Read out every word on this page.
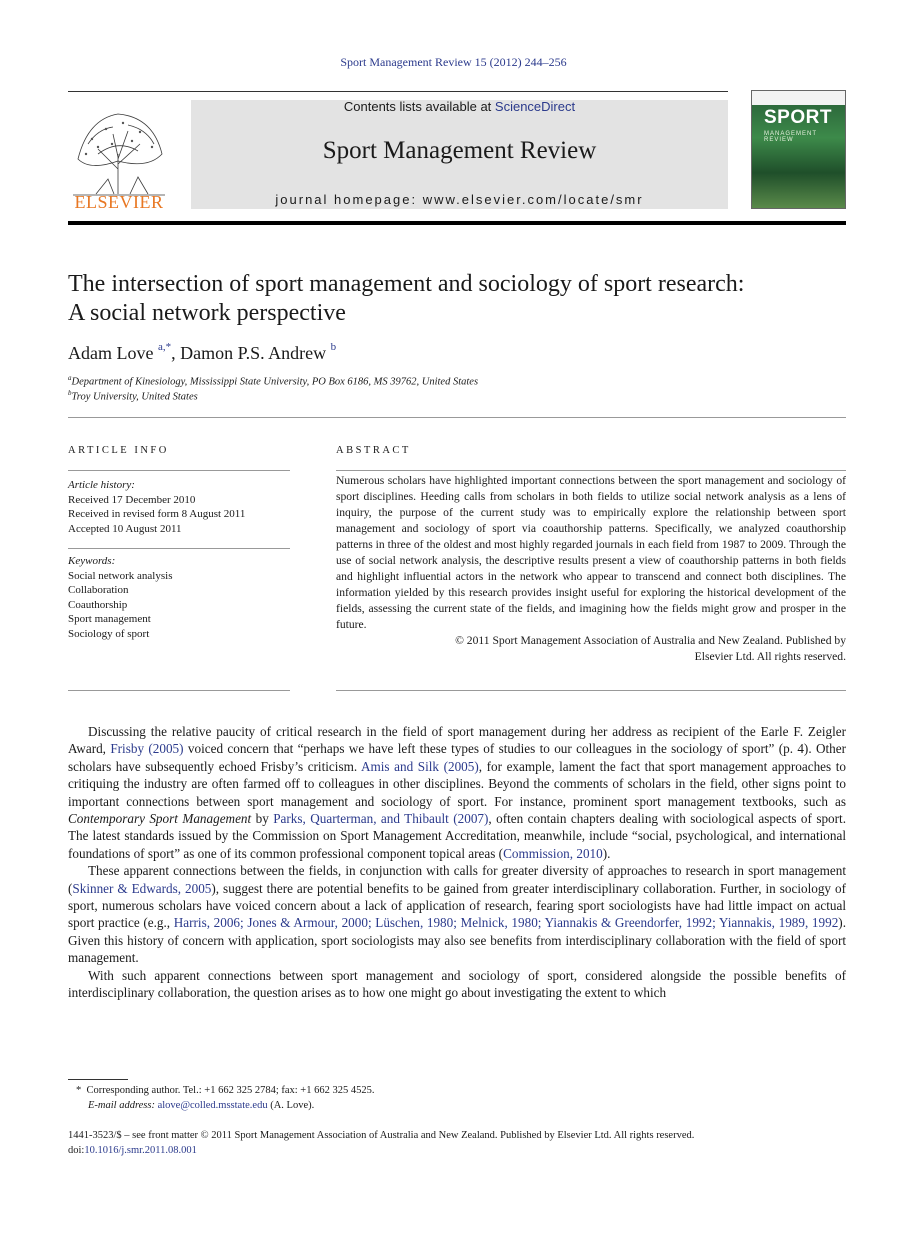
Sport Management Review 15 (2012) 244–256
ELSEVIER
Contents lists available at ScienceDirect
Sport Management Review
journal homepage: www.elsevier.com/locate/smr
SPORT
MANAGEMENT REVIEW
The intersection of sport management and sociology of sport research:
A social network perspective
Adam Love $^{a,*}$, Damon P.S. Andrew $^b$
$^a$Department of Kinesiology, Mississippi State University, PO Box 6186, MS 39762, United States
$^b$Troy University, United States
ARTICLE INFO
Article history:
Received 17 December 2010
Received in revised form 8 August 2011
Accepted 10 August 2011
Keywords:
Social network analysis
Collaboration
Coauthorship
Sport management
Sociology of sport
ABSTRACT
Numerous scholars have highlighted important connections between the sport management and sociology of sport disciplines. Heeding calls from scholars in both fields to utilize social network analysis as a lens of inquiry, the purpose of the current study was to empirically explore the relationship between sport management and sociology of sport via coauthorship patterns. Specifically, we analyzed coauthorship patterns in three of the oldest and most highly regarded journals in each field from 1987 to 2009. Through the use of social network analysis, the descriptive results present a view of coauthorship patterns in both fields and highlight influential actors in the network who appear to transcend and connect both disciplines. The information yielded by this research provides insight useful for exploring the historical development of the fields, assessing the current state of the fields, and imagining how the fields might grow and prosper in the future.
© 2011 Sport Management Association of Australia and New Zealand. Published by
Elsevier Ltd. All rights reserved.

Discussing the relative paucity of critical research in the field of sport management during her address as recipient of the Earle F. Zeigler Award, Frisby (2005) voiced concern that “perhaps we have left these types of studies to our colleagues in the sociology of sport” (p. 4). Other scholars have subsequently echoed Frisby’s criticism. Amis and Silk (2005), for example, lament the fact that sport management approaches to critiquing the industry are often farmed off to colleagues in other disciplines. Beyond the comments of scholars in the field, other signs point to important connections between sport management and sociology of sport. For instance, prominent sport management textbooks, such as Contemporary Sport Management by Parks, Quarterman, and Thibault (2007), often contain chapters dealing with sociological aspects of sport. The latest standards issued by the Commission on Sport Management Accreditation, meanwhile, include “social, psychological, and international foundations of sport” as one of its common professional component topical areas (Commission, 2010).

These apparent connections between the fields, in conjunction with calls for greater diversity of approaches to research in sport management (Skinner & Edwards, 2005), suggest there are potential benefits to be gained from greater interdisciplinary collaboration. Further, in sociology of sport, numerous scholars have voiced concern about a lack of application of research, fearing sport sociologists have had little impact on actual sport practice (e.g., Harris, 2006; Jones & Armour, 2000; Lüschen, 1980; Melnick, 1980; Yiannakis & Greendorfer, 1992; Yiannakis, 1989, 1992). Given this history of concern with application, sport sociologists may also see benefits from interdisciplinary collaboration with the field of sport management.

With such apparent connections between sport management and sociology of sport, considered alongside the possible benefits of interdisciplinary collaboration, the question arises as to how one might go about investigating the extent to which

* Corresponding author. Tel.: +1 662 325 2784; fax: +1 662 325 4525.
E-mail address: alove@colled.msstate.edu (A. Love).
1441-3523/$ – see front matter © 2011 Sport Management Association of Australia and New Zealand. Published by Elsevier Ltd. All rights reserved.
doi:10.1016/j.smr.2011.08.001
